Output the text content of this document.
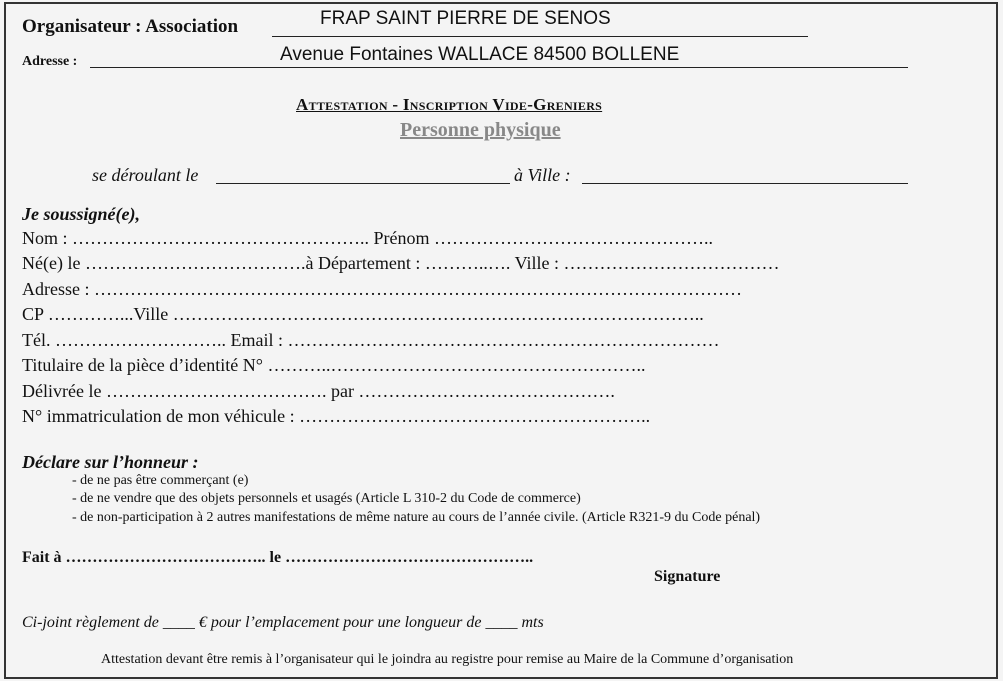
Organisateur : Association	FRAP SAINT PIERRE DE SENOS
Adresse :	Avenue Fontaines WALLACE 84500 BOLLENE
Attestation - Inscription Vide-Greniers
Personne physique
se déroulant le	à Ville :
Je soussigné(e),
Nom : ………………………………………….. Prénom ………………………………………..
Né(e) le ……………………………….à Département : ………..…. Ville : ………………………………
Adresse : ………………………………………………………………………………………………
CP …………...Ville ……………………………………………………………………………..
Tél. ……………………….. Email : ………………………………………………………………
Titulaire de la pièce d’identité N° ………..……………………………………………..
Délivrée le ………………………………. par …………………………………….
N° immatriculation de mon véhicule : …………………………………………………..
Déclare sur l’honneur :
- de ne pas être commerçant (e)
- de ne vendre que des objets personnels et usagés (Article L 310-2 du Code de commerce)
- de non-participation à 2 autres manifestations de même nature au cours de l’année civile. (Article R321-9 du Code pénal)
Fait à ……………………………….. le ………………………………………..
Signature
Ci-joint règlement de ____ € pour l’emplacement pour une longueur de ____ mts
Attestation devant être remis à l’organisateur qui le joindra au registre pour remise au Maire de la Commune d’organisation
